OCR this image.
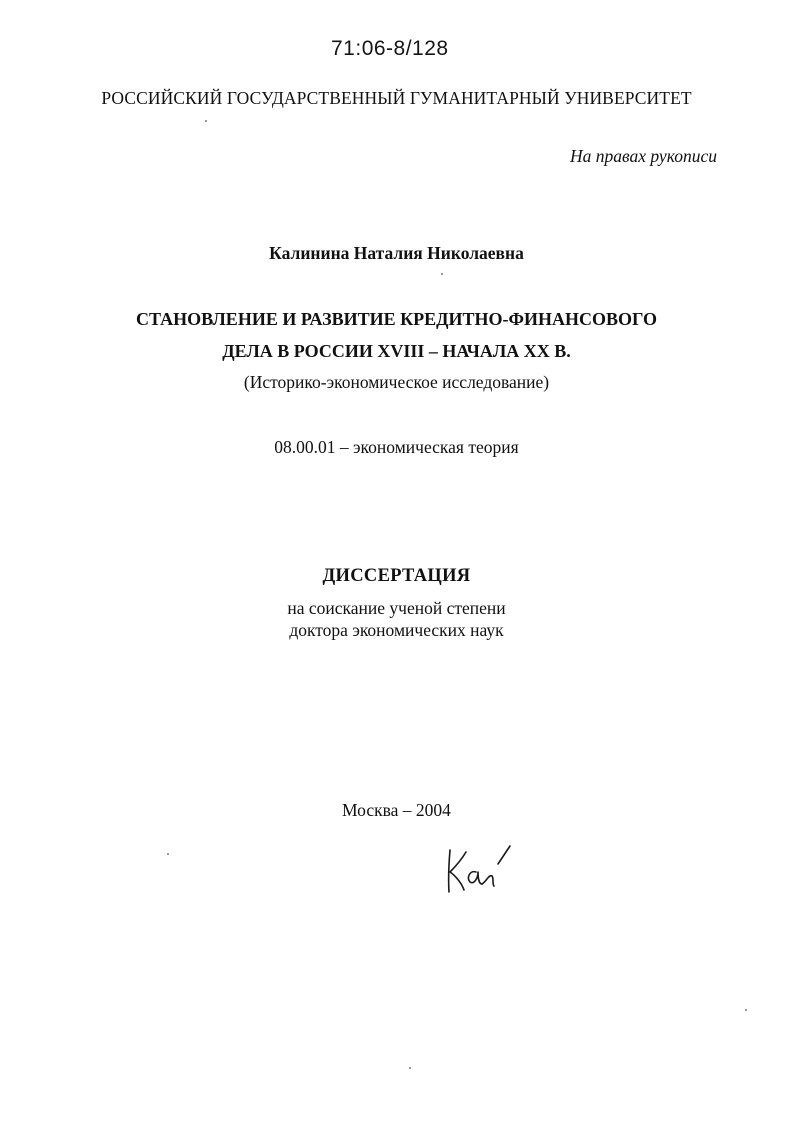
71:06-8/128
РОССИЙСКИЙ ГОСУДАРСТВЕННЫЙ ГУМАНИТАРНЫЙ УНИВЕРСИТЕТ
На правах рукописи
Калинина Наталия Николаевна
СТАНОВЛЕНИЕ И РАЗВИТИЕ КРЕДИТНО-ФИНАНСОВОГО
ДЕЛА В РОССИИ XVIII – НАЧАЛА XX В.
(Историко-экономическое исследование)
08.00.01 – экономическая теория
ДИССЕРТАЦИЯ
на соискание ученой степени
доктора экономических наук
Москва – 2004
